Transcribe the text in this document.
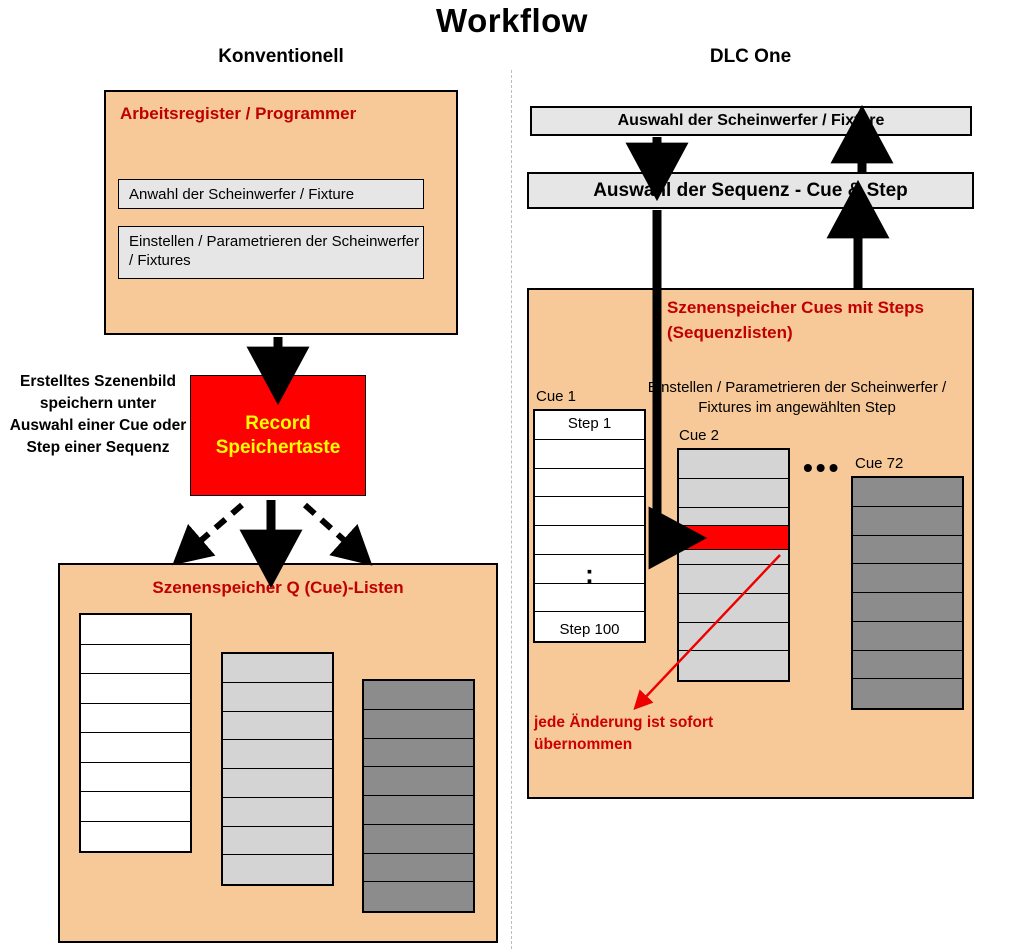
Workflow
Konventionell	DLC One
Arbeitsregister / Programmer
Anwahl der Scheinwerfer / Fixture
Einstellen / Parametrieren der Scheinwerfer / Fixtures
Erstelltes Szenenbild speichern unter Auswahl einer Cue oder Step einer Sequenz
Record
Speichertaste
Szenenspeicher Q (Cue)-Listen
Auswahl der Scheinwerfer / Fixture
Auswahl der Sequenz - Cue & Step
Szenenspeicher Cues mit Steps (Sequenzlisten)
Einstellen / Parametrieren der Scheinwerfer / Fixtures im angewählten Step
Cue 1
Cue 2
Cue 72
Step 1
:
Step 100
•••
jede Änderung ist sofort übernommen
